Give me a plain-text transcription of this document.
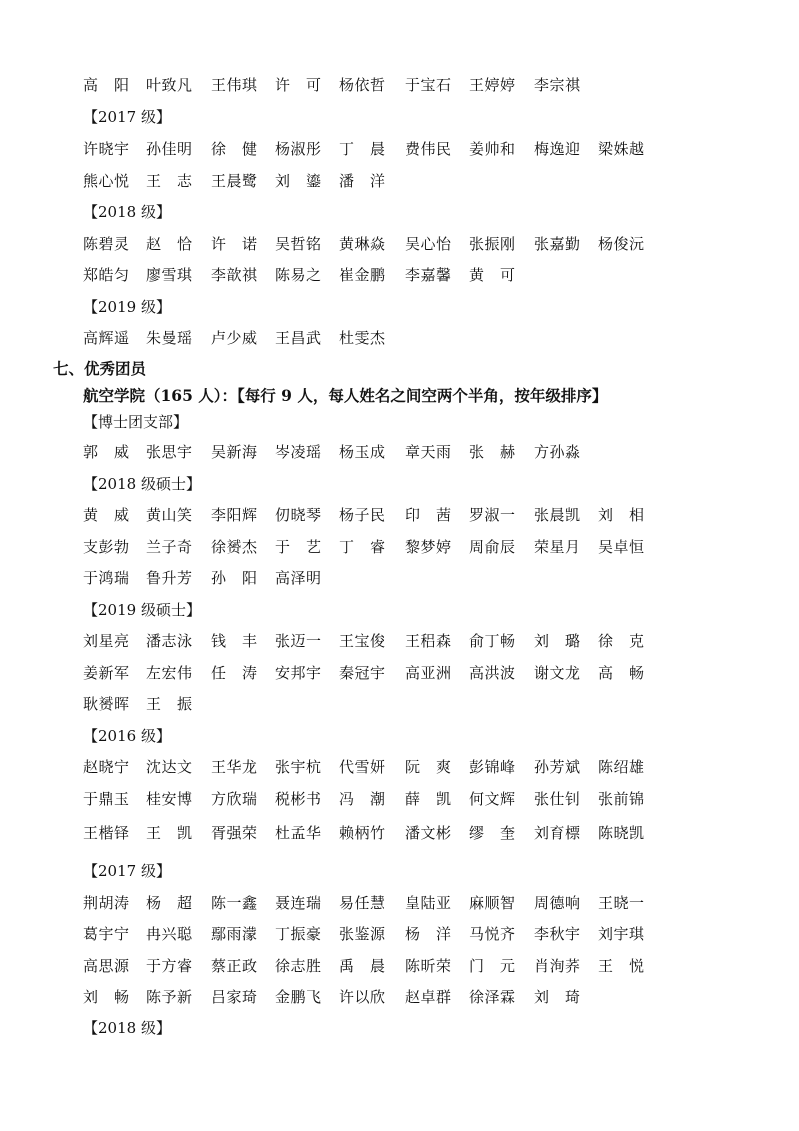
高　阳 叶致凡 王伟琪 许　可 杨依哲 于宝石 王婷婷 李宗祺
【2017 级】
许晓宇 孙佳明 徐　健 杨淑彤 丁　晨 费伟民 姜帅和 梅逸迎 梁姝越
熊心悦 王　志 王晨鹭 刘　鎏 潘　洋
【2018 级】
陈碧灵 赵　恰 许　诺 吴哲铭 黄琳焱 吴心怡 张振刚 张嘉勤 杨俊沅
郑皓匀 廖雪琪 李歆祺 陈易之 崔金鹏 李嘉馨 黄　可
【2019 级】
高辉遥 朱曼瑶 卢少威 王昌武 杜雯杰
七、优秀团员
航空学院（165 人）：【每行 9 人，每人姓名之间空两个半角，按年级排序】
【博士团支部】
郭　威 张思宇 吴新海 岑凌瑶 杨玉成 章天雨 张　赫 方孙淼
【2018 级硕士】
黄　威 黄山笑 李阳辉 仞晓琴 杨子民 印　茜 罗淑一 张晨凯 刘　相
支彭勃 兰子奇 徐赟杰 于　艺 丁　睿 黎梦婷 周俞辰 荣星月 吴卓恒
于鸿瑞 鲁升芳 孙　阳 高泽明
【2019 级硕士】
刘星亮 潘志泳 钱　丰 张迈一 王宝俊 王稆森 俞丁畅 刘　璐 徐　克
姜新军 左宏伟 任　涛 安邦宇 秦冠宇 高亚洲 高洪波 谢文龙 高　畅
耿赟晖 王　振
【2016 级】
赵晓宁 沈达文 王华龙 张宇杭 代雪妍 阮　爽 彭锦峰 孙芳斌 陈绍雄
于鼎玉 桂安博 方欣瑞 税彬书 冯　潮 薛　凯 何文辉 张仕钊 张前锦
王楷铎 王　凯 胥强荣 杜孟华 赖柄竹 潘文彬 缪　奎 刘育標 陈晓凯
【2017 级】
荆胡涛 杨　超 陈一鑫 聂连瑞 易任慧 皇陆亚 麻顺智 周德响 王晓一
葛宇宁 冉兴聪 鄢雨濛 丁振豪 张鉴源 杨　洋 马悦齐 李秋宇 刘宇琪
高思源 于方睿 蔡正政 徐志胜 禹　晨 陈昕荣 门　元 肖洵荞 王　悦
刘　畅 陈予新 吕家琦 金鹏飞 许以欣 赵卓群 徐泽霖 刘　琦
【2018 级】
